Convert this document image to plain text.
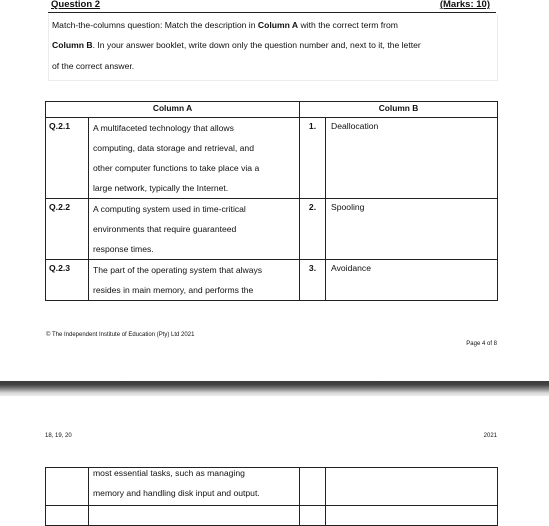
Question 2	(Marks: 10)

Match-the-columns question: Match the description in Column A with the correct term from

Column B. In your answer booklet, write down only the question number and, next to it, the letter

of the correct answer.

Column A		Column B	
Q.2.1	A multifaceted technology that allows
computing, data storage and retrieval, and
other computer functions to take place via a
large network, typically the Internet.	1.	Deallocation
Q.2.2	A computing system used in time-critical
environments that require guaranteed
response times.	2.	Spooling
Q.2.3	The part of the operating system that always
resides in main memory, and performs the	3.	Avoidance
© The Independent Institute of Education (Pty) Ltd 2021
Page 4 of 8
18, 19, 20	2021

	most essential tasks, such as managing
memory and handling disk input and output.		
